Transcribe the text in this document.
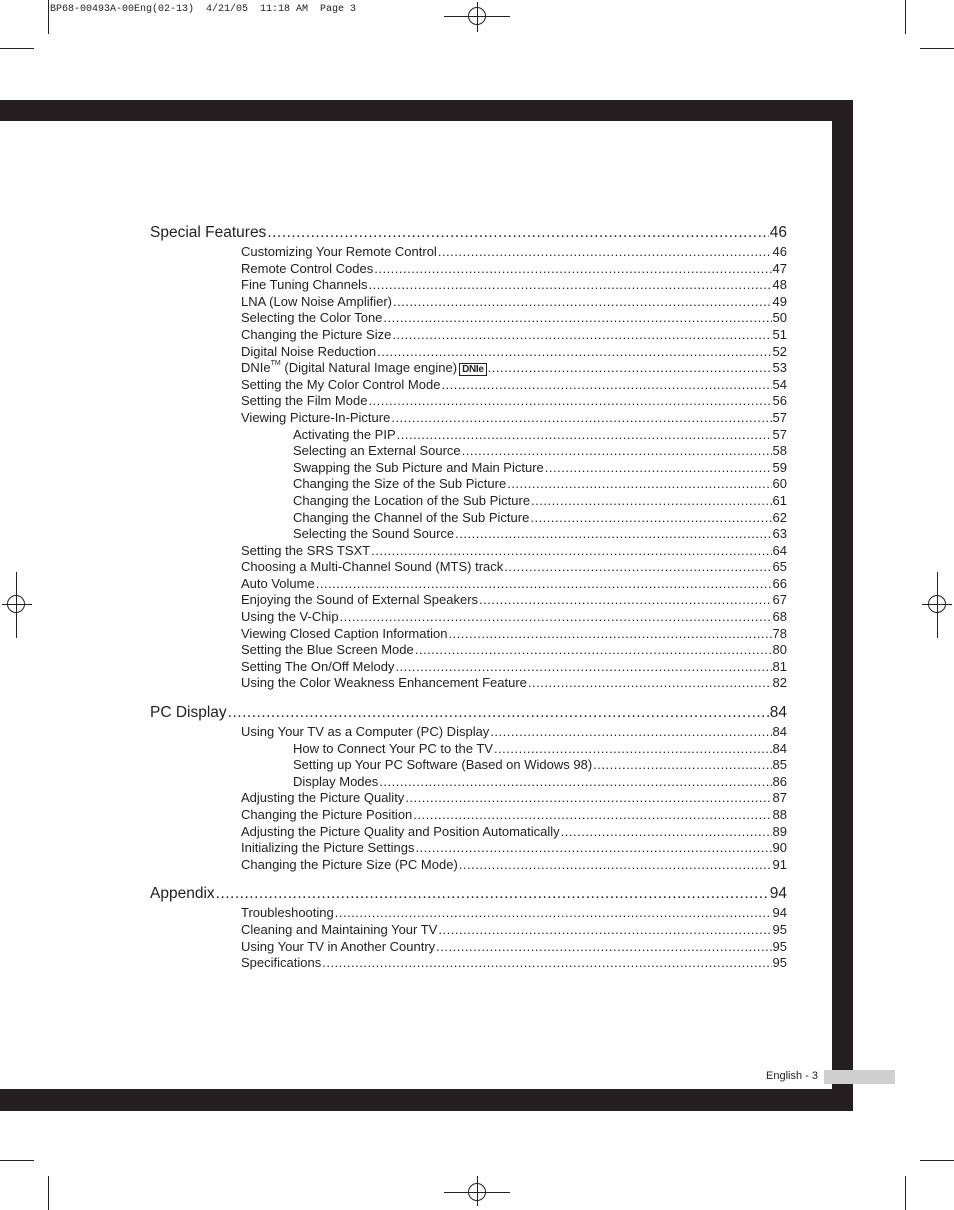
BP68-00493A-00Eng(02-13)  4/21/05  11:18 AM  Page 3
Special Features .....	46
Customizing Your Remote Control .....	46
Remote Control Codes .....	47
Fine Tuning Channels .....	48
LNA (Low Noise Amplifier) .....	49
Selecting the Color Tone .....	50
Changing the Picture Size .....	51
Digital Noise Reduction .....	52
DNIe™ (Digital Natural Image engine) DNIe .....	53
Setting the My Color Control Mode .....	54
Setting the Film Mode .....	56
Viewing Picture-In-Picture .....	57
Activating the PIP .....	57
Selecting an External Source .....	58
Swapping the Sub Picture and Main Picture .....	59
Changing the Size of the Sub Picture .....	60
Changing the Location of the Sub Picture .....	61
Changing the Channel of the Sub Picture .....	62
Selecting the Sound Source .....	63
Setting the SRS TSXT .....	64
Choosing a Multi-Channel Sound (MTS) track .....	65
Auto Volume .....	66
Enjoying the Sound of External Speakers .....	67
Using the V-Chip .....	68
Viewing Closed Caption Information .....	78
Setting the Blue Screen Mode .....	80
Setting The On/Off Melody .....	81
Using the Color Weakness Enhancement Feature .....	82
PC Display .....	84
Using Your TV as a Computer (PC) Display .....	84
How to Connect Your PC to the TV .....	84
Setting up Your PC Software (Based on Widows 98) .....	85
Display Modes .....	86
Adjusting the Picture Quality .....	87
Changing the Picture Position .....	88
Adjusting the Picture Quality and Position Automatically .....	89
Initializing the Picture Settings .....	90
Changing the Picture Size (PC Mode) .....	91
Appendix .....	94
Troubleshooting .....	94
Cleaning and Maintaining Your TV .....	95
Using Your TV in Another Country .....	95
Specifications .....	95
English - 3
